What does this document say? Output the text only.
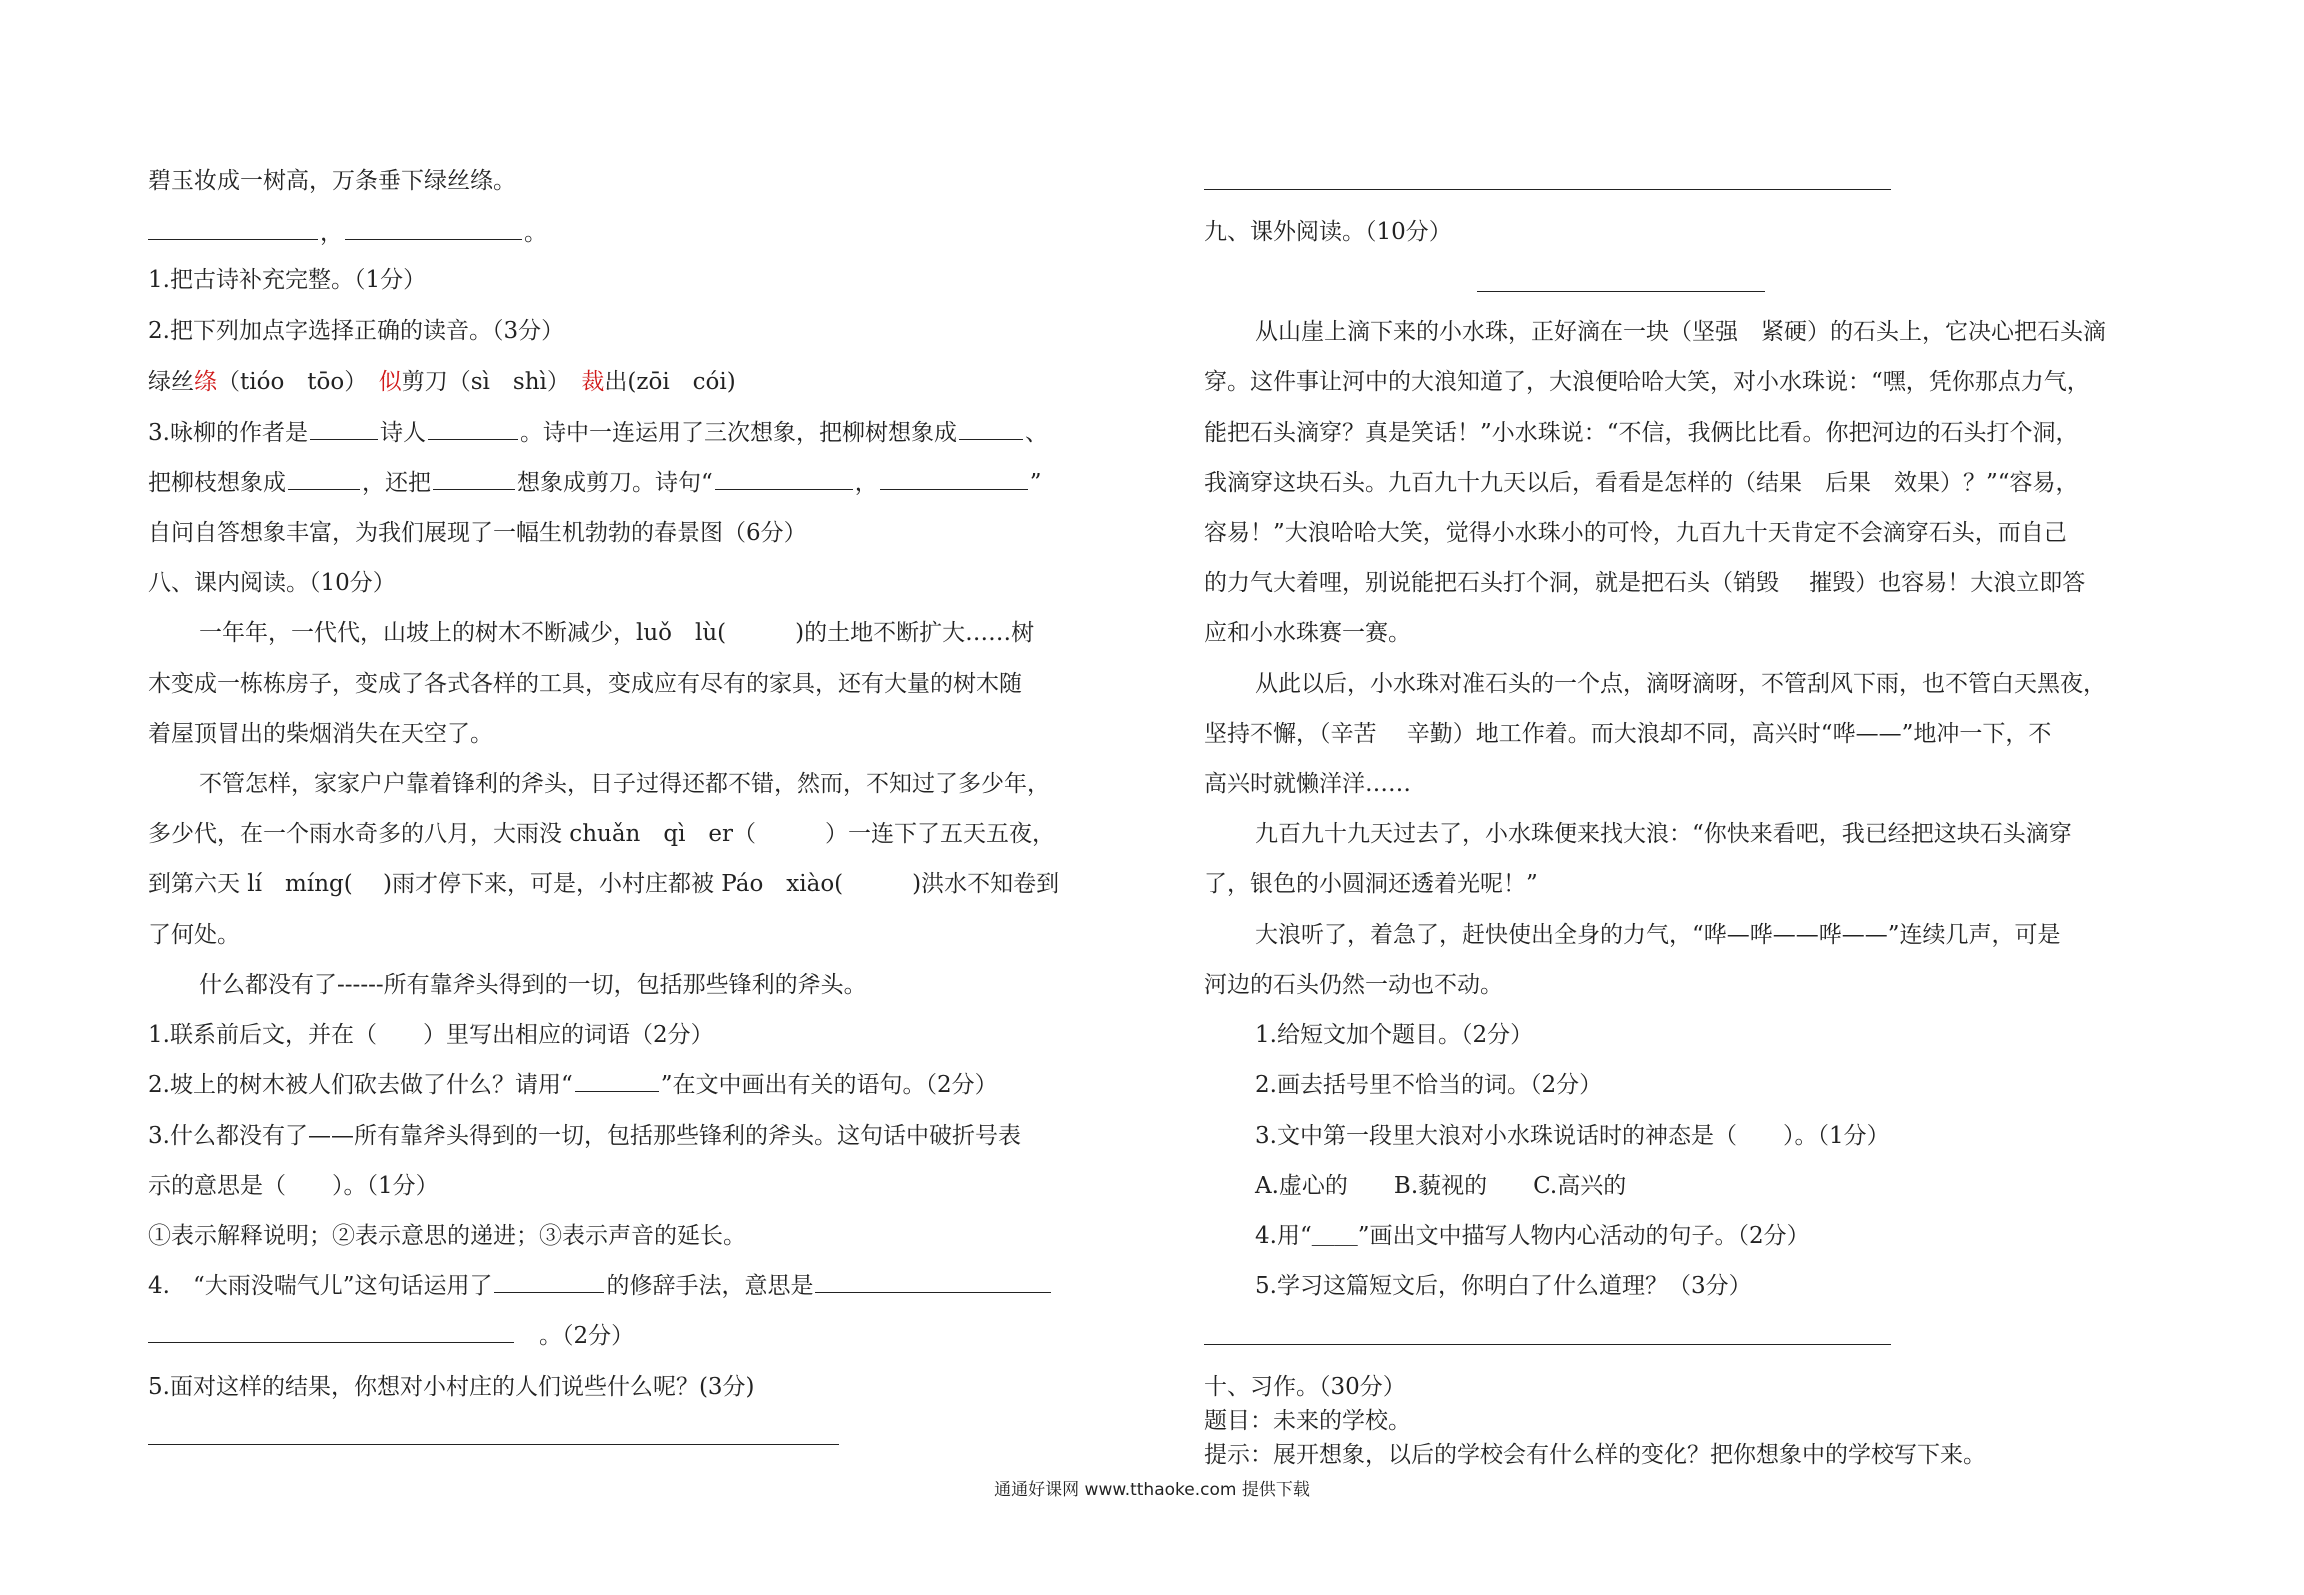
碧玉妆成一树高，万条垂下绿丝绦。
，	。
1.把古诗补充完整。（1分）
2.把下列加点字选择正确的读音。（3分）
绿丝绦（tióo　tōo）　似剪刀（sì　shì）　裁出(zōi　cói)
3.咏柳的作者是	诗人	。诗中一连运用了三次想象，把柳树想象成	、
把柳枝想象成	，还把	想象成剪刀。诗句“	，	”
自问自答想象丰富，为我们展现了一幅生机勃勃的春景图（6分）
八、课内阅读。（10分）
一年年，一代代，山坡上的树木不断减少，luǒ　lù(　　　)的土地不断扩大……树
木变成一栋栋房子，变成了各式各样的工具，变成应有尽有的家具，还有大量的树木随
着屋顶冒出的柴烟消失在天空了。
不管怎样，家家户户靠着锋利的斧头，日子过得还都不错，然而，不知过了多少年，
多少代，在一个雨水奇多的八月，大雨没 chuǎn　qì　er（　　　）一连下了五天五夜，
到第六天 lí　míng(　 )雨才停下来，可是，小村庄都被 Páo　xiào(　　　)洪水不知卷到
了何处。
什么都没有了------所有靠斧头得到的一切，包括那些锋利的斧头。
1.联系前后文，并在（　　）里写出相应的词语（2分）
2.坡上的树木被人们砍去做了什么？请用“	”在文中画出有关的语句。（2分）
3.什么都没有了——所有靠斧头得到的一切，包括那些锋利的斧头。这句话中破折号表
示的意思是（　　）。（1分）
①表示解释说明；②表示意思的递进；③表示声音的延长。
4.　“大雨没喘气儿”这句话运用了	的修辞手法，意思是
　。（2分）
5.面对这样的结果，你想对小村庄的人们说些什么呢？(3分)
九、课外阅读。（10分）
从山崖上滴下来的小水珠，正好滴在一块（坚强　紧硬）的石头上，它决心把石头滴
穿。这件事让河中的大浪知道了，大浪便哈哈大笑，对小水珠说：“嘿，凭你那点力气，
能把石头滴穿？真是笑话！”小水珠说：“不信，我俩比比看。你把河边的石头打个洞，
我滴穿这块石头。九百九十九天以后，看看是怎样的（结果　后果　效果）？”“容易，
容易！”大浪哈哈大笑，觉得小水珠小的可怜，九百九十天肯定不会滴穿石头，而自己
的力气大着哩，别说能把石头打个洞，就是把石头（销毁　 摧毁）也容易！大浪立即答
应和小水珠赛一赛。
从此以后，小水珠对准石头的一个点，滴呀滴呀，不管刮风下雨，也不管白天黑夜，
坚持不懈，（辛苦　 辛勤）地工作着。而大浪却不同，高兴时“哗——”地冲一下，不
高兴时就懒洋洋……
九百九十九天过去了，小水珠便来找大浪：“你快来看吧，我已经把这块石头滴穿
了，银色的小圆洞还透着光呢！”
大浪听了，着急了，赶快使出全身的力气，“哗—哗——哗——”连续几声，可是
河边的石头仍然一动也不动。
1.给短文加个题目。（2分）
2.画去括号里不恰当的词。（2分）
3.文中第一段里大浪对小水珠说话时的神态是（　　）。（1分）
A.虚心的　　B.藐视的　　C.高兴的
4.用“＿＿”画出文中描写人物内心活动的句子。（2分）
5.学习这篇短文后，你明白了什么道理？（3分）
十、习作。（30分）
题目：未来的学校。
提示：展开想象，以后的学校会有什么样的变化？把你想象中的学校写下来。
通通好课网 www.tthaoke.com 提供下载
